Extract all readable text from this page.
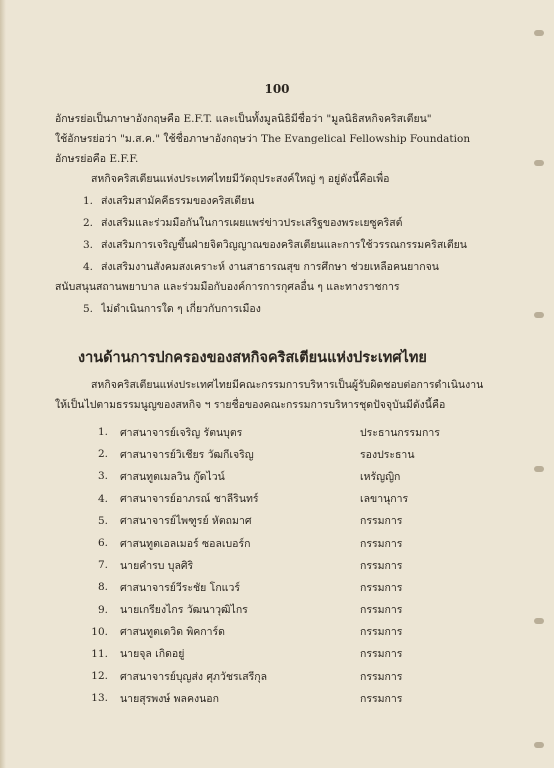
100
อักษรย่อเป็นภาษาอังกฤษคือ E.F.T. และเป็นทั้งมูลนิธิมีชื่อว่า "มูลนิธิสหกิจคริสเตียน"
ใช้อักษรย่อว่า "ม.ส.ค." ใช้ชื่อภาษาอังกฤษว่า The Evangelical Fellowship Foundation
อักษรย่อคือ E.F.F.
สหกิจคริสเตียนแห่งประเทศไทยมีวัตถุประสงค์ใหญ่ ๆ อยู่ดังนี้คือเพื่อ
1. ส่งเสริมสามัคคีธรรมของคริสเตียน
2. ส่งเสริมและร่วมมือกันในการเผยแพร่ข่าวประเสริฐของพระเยซูคริสต์
3. ส่งเสริมการเจริญขึ้นฝ่ายจิตวิญญาณของคริสเตียนและการใช้วรรณกรรมคริสเตียน
4. ส่งเสริมงานสังคมสงเคราะห์ งานสาธารณสุข การศึกษา ช่วยเหลือคนยากจน
สนับสนุนสถานพยาบาล และร่วมมือกับองค์การการกุศลอื่น ๆ และทางราชการ
5. ไม่ดำเนินการใด ๆ เกี่ยวกับการเมือง
งานด้านการปกครองของสหกิจคริสเตียนแห่งประเทศไทย
สหกิจคริสเตียนแห่งประเทศไทยมีคณะกรรมการบริหารเป็นผู้รับผิดชอบต่อการดำเนินงาน
ให้เป็นไปตามธรรมนูญของสหกิจ ฯ รายชื่อของคณะกรรมการบริหารชุดปัจจุบันมีดังนี้คือ
1.	ศาสนาจารย์เจริญ รัตนบุตร	ประธานกรรมการ
2.	ศาสนาจารย์วิเชียร วัฒกีเจริญ	รองประธาน
3.	ศาสนทูตเมลวิน กู๊ดไวน์	เหรัญญิก
4.	ศาสนาจารย์อาภรณ์ ชาลีรินทร์	เลขานุการ
5.	ศาสนาจารย์ไพฑูรย์ หัตถมาศ	กรรมการ
6.	ศาสนทูตเอลเมอร์ ซอลเบอร์ก	กรรมการ
7.	นายคำรบ บุลศิริ	กรรมการ
8.	ศาสนาจารย์วีระชัย โกแวร์	กรรมการ
9.	นายเกรียงไกร วัฒนาวุฒิไกร	กรรมการ
10.	ศาสนทูตเดวิด พิคการ์ด	กรรมการ
11.	นายจุล เกิดอยู่	กรรมการ
12.	ศาสนาจารย์บุญส่ง ศุภวัชรเสรีกุล	กรรมการ
13.	นายสุรพงษ์ พลคงนอก	กรรมการ
